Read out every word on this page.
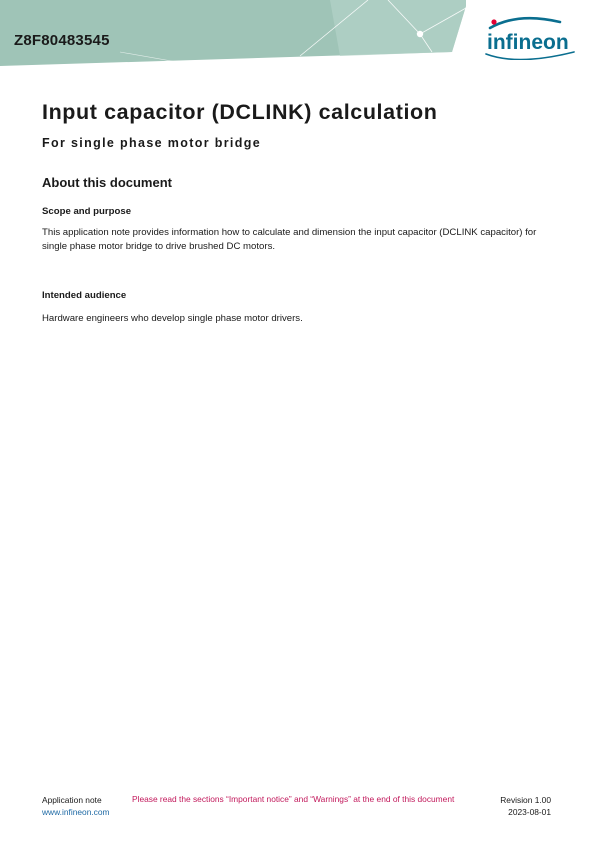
Z8F80483545	infineon
Input capacitor (DCLINK) calculation
For single phase motor bridge
About this document
Scope and purpose

This application note provides information how to calculate and dimension the input capacitor (DCLINK capacitor) for single phase motor bridge to drive brushed DC motors.

Intended audience

Hardware engineers who develop single phase motor drivers.

Application note
www.infineon.com
Please read the sections “Important notice” and “Warnings” at the end of this document	Revision 1.00
2023-08-01
